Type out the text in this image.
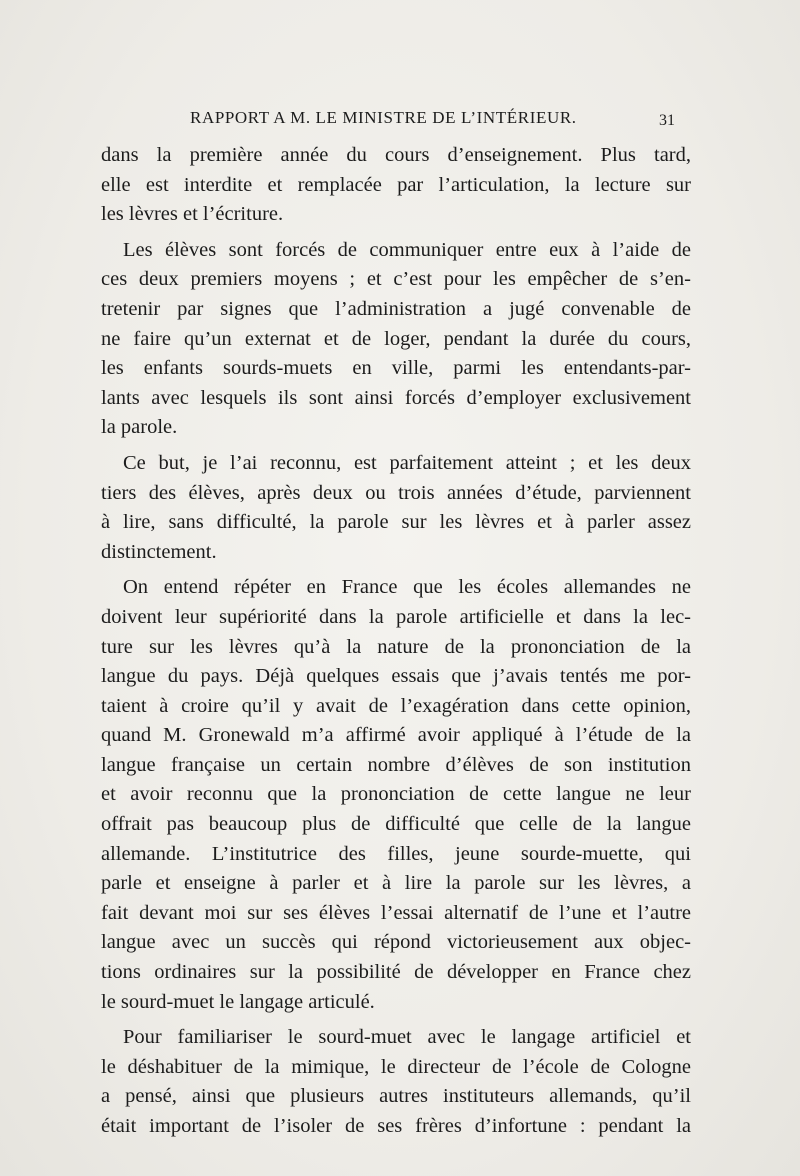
RAPPORT A M. LE MINISTRE DE L’INTÉRIEUR.	31
dans la première année du cours d’enseignement. Plus tard,
elle est interdite et remplacée par l’articulation, la lecture sur
les lèvres et l’écriture.
Les élèves sont forcés de communiquer entre eux à l’aide de
ces deux premiers moyens ; et c’est pour les empêcher de s’en-
tretenir par signes que l’administration a jugé convenable de
ne faire qu’un externat et de loger, pendant la durée du cours,
les enfants sourds-muets en ville, parmi les entendants-par-
lants avec lesquels ils sont ainsi forcés d’employer exclusivement
la parole.
Ce but, je l’ai reconnu, est parfaitement atteint ; et les deux
tiers des élèves, après deux ou trois années d’étude, parviennent
à lire, sans difficulté, la parole sur les lèvres et à parler assez
distinctement.
On entend répéter en France que les écoles allemandes ne
doivent leur supériorité dans la parole artificielle et dans la lec-
ture sur les lèvres qu’à la nature de la prononciation de la
langue du pays. Déjà quelques essais que j’avais tentés me por-
taient à croire qu’il y avait de l’exagération dans cette opinion,
quand M. Gronewald m’a affirmé avoir appliqué à l’étude de la
langue française un certain nombre d’élèves de son institution
et avoir reconnu que la prononciation de cette langue ne leur
offrait pas beaucoup plus de difficulté que celle de la langue
allemande. L’institutrice des filles, jeune sourde-muette, qui
parle et enseigne à parler et à lire la parole sur les lèvres, a
fait devant moi sur ses élèves l’essai alternatif de l’une et l’autre
langue avec un succès qui répond victorieusement aux objec-
tions ordinaires sur la possibilité de développer en France chez
le sourd-muet le langage articulé.
Pour familiariser le sourd-muet avec le langage artificiel et
le déshabituer de la mimique, le directeur de l’école de Cologne
a pensé, ainsi que plusieurs autres instituteurs allemands, qu’il
était important de l’isoler de ses frères d’infortune : pendant la
